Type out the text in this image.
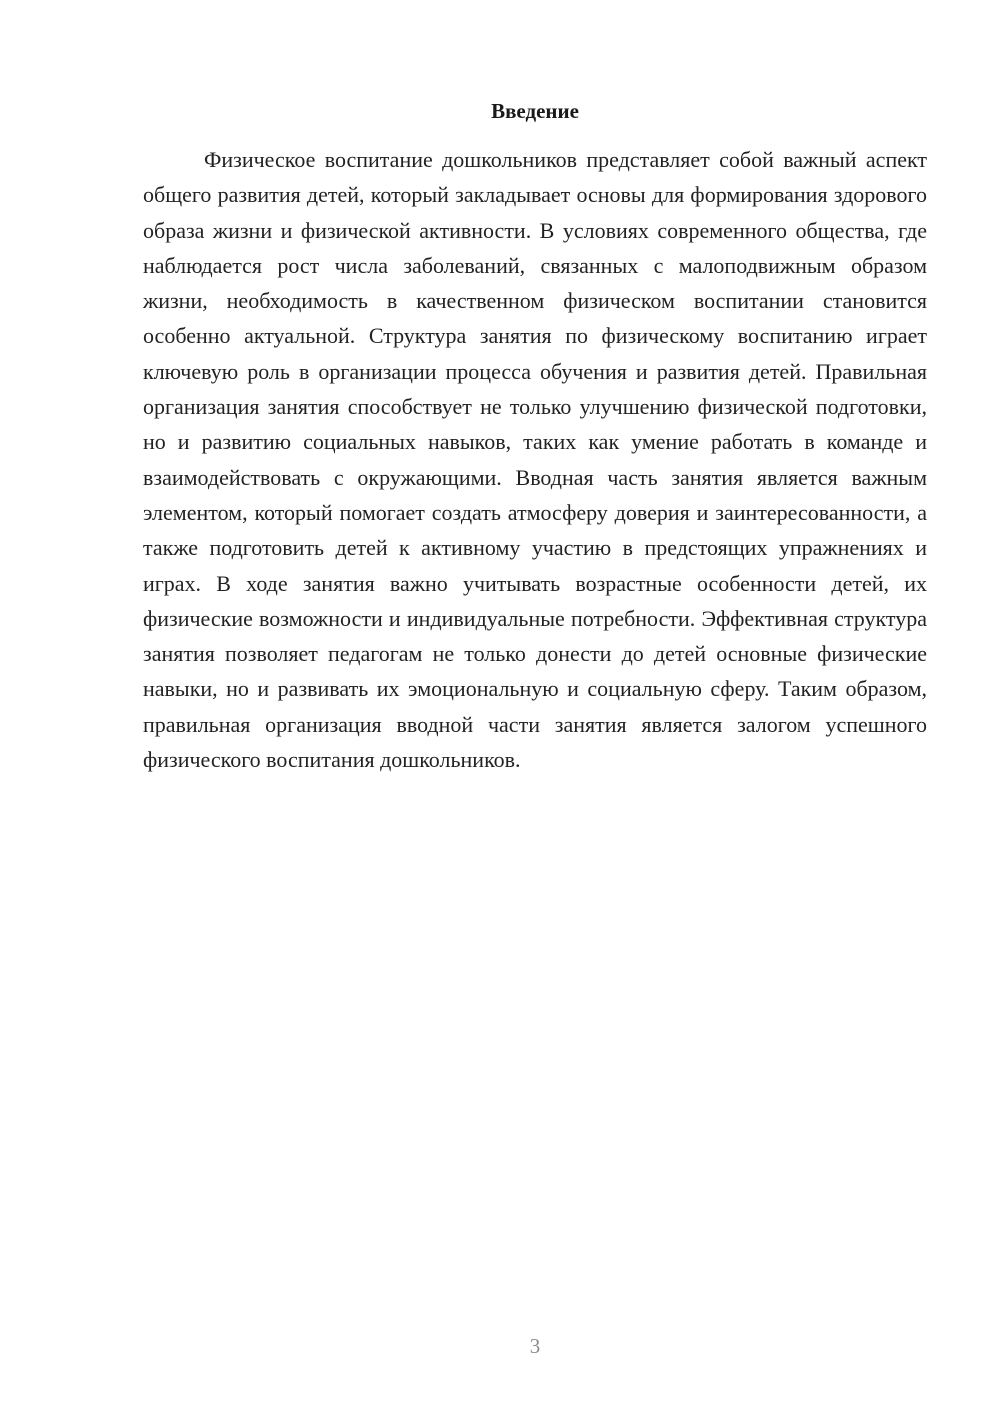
Введение

Физическое воспитание дошкольников представляет собой важный аспект общего развития детей, который закладывает основы для формирования здорового образа жизни и физической активности. В условиях современного общества, где наблюдается рост числа заболеваний, связанных с малоподвижным образом жизни, необходимость в качественном физическом воспитании становится особенно актуальной. Структура занятия по физическому воспитанию играет ключевую роль в организации процесса обучения и развития детей. Правильная организация занятия способствует не только улучшению физической подготовки, но и развитию социальных навыков, таких как умение работать в команде и взаимодействовать с окружающими. Вводная часть занятия является важным элементом, который помогает создать атмосферу доверия и заинтересованности, а также подготовить детей к активному участию в предстоящих упражнениях и играх. В ходе занятия важно учитывать возрастные особенности детей, их физические возможности и индивидуальные потребности. Эффективная структура занятия позволяет педагогам не только донести до детей основные физические навыки, но и развивать их эмоциональную и социальную сферу. Таким образом, правильная организация вводной части занятия является залогом успешного физического воспитания дошкольников.

3
